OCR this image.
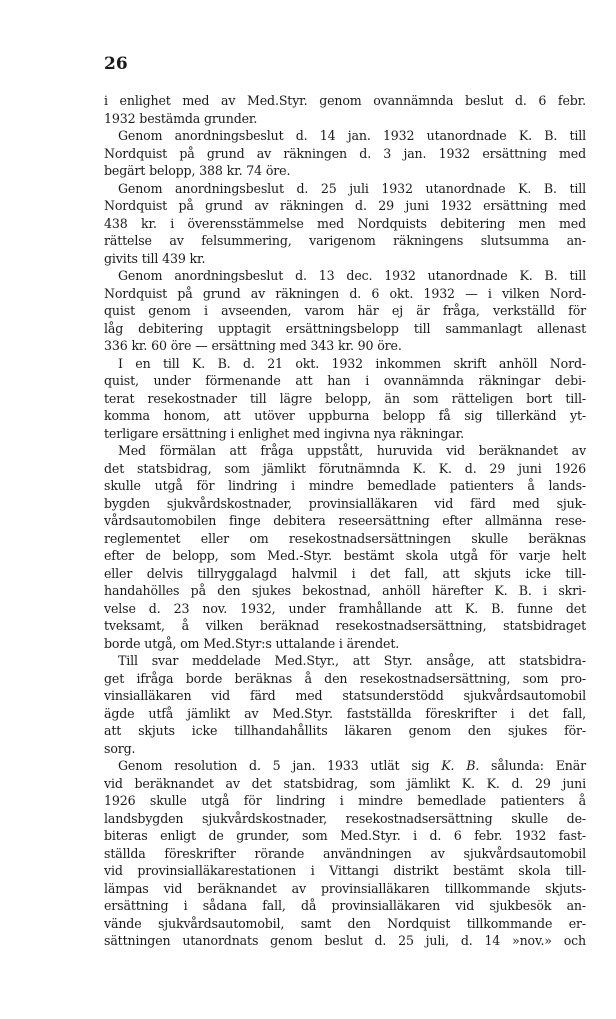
26
i enlighet med av Med.Styr. genom ovannämnda beslut d. 6 febr.
1932 bestämda grunder.
Genom anordningsbeslut d. 14 jan. 1932 utanordnade K. B. till
Nordquist på grund av räkningen d. 3 jan. 1932 ersättning med
begärt belopp, 388 kr. 74 öre.
Genom anordningsbeslut d. 25 juli 1932 utanordnade K. B. till
Nordquist på grund av räkningen d. 29 juni 1932 ersättning med
438 kr. i överensstämmelse med Nordquists debitering men med
rättelse av felsummering, varigenom räkningens slutsumma an-
givits till 439 kr.
Genom anordningsbeslut d. 13 dec. 1932 utanordnade K. B. till
Nordquist på grund av räkningen d. 6 okt. 1932 — i vilken Nord-
quist genom i avseenden, varom här ej är fråga, verkställd för
låg debitering upptagit ersättningsbelopp till sammanlagt allenast
336 kr. 60 öre — ersättning med 343 kr. 90 öre.
I en till K. B. d. 21 okt. 1932 inkommen skrift anhöll Nord-
quist, under förmenande att han i ovannämnda räkningar debi-
terat resekostnader till lägre belopp, än som rätteligen bort till-
komma honom, att utöver uppburna belopp få sig tillerkänd yt-
terligare ersättning i enlighet med ingivna nya räkningar.
Med förmälan att fråga uppstått, huruvida vid beräknandet av
det statsbidrag, som jämlikt förutnämnda K. K. d. 29 juni 1926
skulle utgå för lindring i mindre bemedlade patienters å lands-
bygden sjukvårdskostnader, provinsialläkaren vid färd med sjuk-
vårdsautomobilen finge debitera reseersättning efter allmänna rese-
reglementet eller om resekostnadsersättningen skulle beräknas
efter de belopp, som Med.-Styr. bestämt skola utgå för varje helt
eller delvis tillryggalagd halvmil i det fall, att skjuts icke till-
handahölles på den sjukes bekostnad, anhöll härefter K. B. i skri-
velse d. 23 nov. 1932, under framhållande att K. B. funne det
tveksamt, å vilken beräknad resekostnadsersättning, statsbidraget
borde utgå, om Med.Styr:s uttalande i ärendet.
Till svar meddelade Med.Styr., att Styr. ansåge, att statsbidra-
get ifråga borde beräknas å den resekostnadsersättning, som pro-
vinsialläkaren vid färd med statsunderstödd sjukvårdsautomobil
ägde utfå jämlikt av Med.Styr. fastställda föreskrifter i det fall,
att skjuts icke tillhandahållits läkaren genom den sjukes för-
sorg.
Genom resolution d. 5 jan. 1933 utlät sig K. B. sålunda: Enär
vid beräknandet av det statsbidrag, som jämlikt K. K. d. 29 juni
1926 skulle utgå för lindring i mindre bemedlade patienters å
landsbygden sjukvårdskostnader, resekostnadsersättning skulle de-
biteras enligt de grunder, som Med.Styr. i d. 6 febr. 1932 fast-
ställda föreskrifter rörande användningen av sjukvårdsautomobil
vid provinsialläkarestationen i Vittangi distrikt bestämt skola till-
lämpas vid beräknandet av provinsialläkaren tillkommande skjuts-
ersättning i sådana fall, då provinsialläkaren vid sjukbesök an-
vände sjukvårdsautomobil, samt den Nordquist tillkommande er-
sättningen utanordnats genom beslut d. 25 juli, d. 14 »nov.» och
